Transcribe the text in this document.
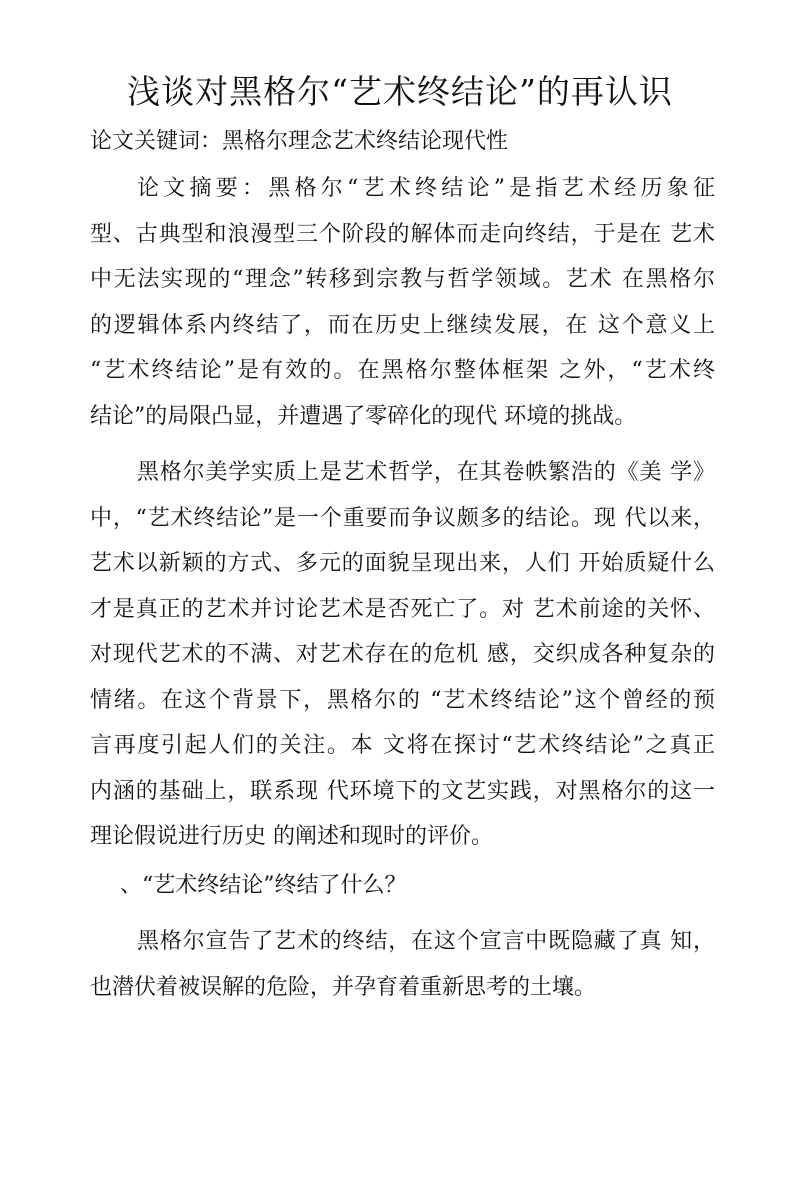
浅谈对黑格尔“艺术终结论”的再认识

论文关键词：黑格尔理念艺术终结论现代性

论文摘要：黑格尔“艺术终结论”是指艺术经历象征
型、古典型和浪漫型三个阶段的解体而走向终结，于是在 艺术
中无法实现的“理念”转移到宗教与哲学领域。艺术 在黑格尔
的逻辑体系内终结了，而在历史上继续发展，在 这个意义上
“艺术终结论”是有效的。在黑格尔整体框架 之外，“艺术终
结论”的局限凸显，并遭遇了零碎化的现代 环境的挑战。
黑格尔美学实质上是艺术哲学，在其卷帙繁浩的《美 学》
中，“艺术终结论”是一个重要而争议颇多的结论。现 代以来，
艺术以新颖的方式、多元的面貌呈现出来，人们 开始质疑什么
才是真正的艺术并讨论艺术是否死亡了。对 艺术前途的关怀、
对现代艺术的不满、对艺术存在的危机 感，交织成各种复杂的
情绪。在这个背景下，黑格尔的 “艺术终结论”这个曾经的预
言再度引起人们的关注。本 文将在探讨“艺术终结论”之真正
内涵的基础上，联系现 代环境下的文艺实践，对黑格尔的这一
理论假说进行历史 的阐述和现时的评价。
、“艺术终结论”终结了什么？
黑格尔宣告了艺术的终结，在这个宣言中既隐藏了真 知，
也潜伏着被误解的危险，并孕育着重新思考的土壤。
